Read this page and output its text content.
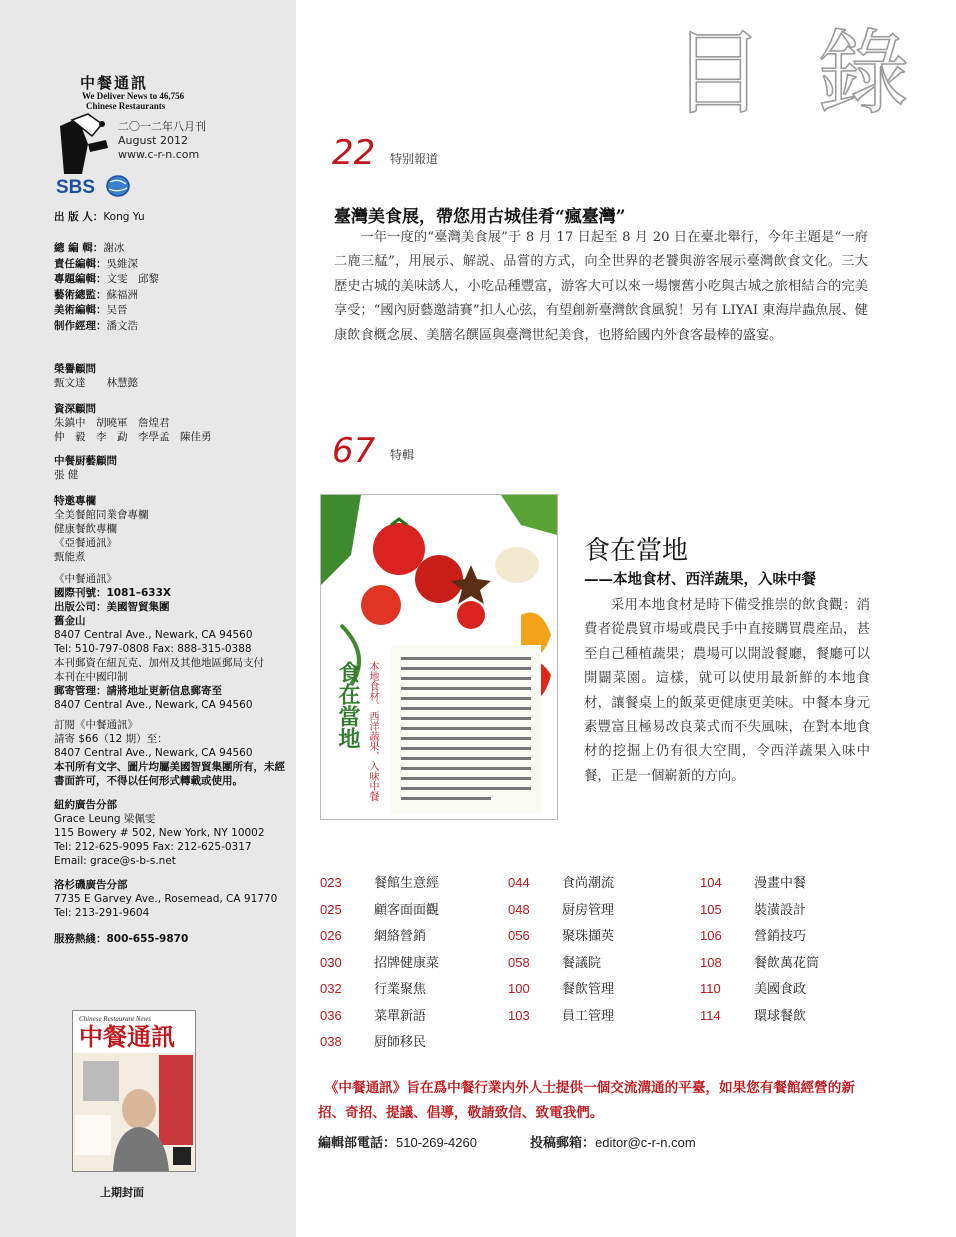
中餐通訊
We Deliver News to 46,756
Chinese Restaurants
二〇一二年八月刊
August 2012
www.c-r-n.com
SBS
出 版 人：Kong Yu

總 編 輯：謝冰
責任編輯：吳維深
專題編輯：文雯　邱黎
藝術總監：蘇福洲
美術編輯：吴晉
制作經理：潘文浩
榮譽顧問
甄文達　　林慧懿
資深顧問
朱鎮中　胡曉軍　詹煌君
仲　毅　李　勐　李學孟　陳佳勇
中餐厨藝顧問
張 健
特邀專欄
全美餐館同業會專欄
健康餐飲專欄
《亞餐通訊》
甄能煮
《中餐通訊》
國際刊號：1081–633X
出版公司：美國智貿集團
舊金山
8407 Central Ave., Newark, CA 94560
Tel: 510-797-0808 Fax: 888-315-0388
本刊郵資在紐瓦克、加州及其他地區郵局支付
本刊在中國印制
郵寄管理：請將地址更新信息郵寄至
8407 Central Ave., Newark, CA 94560
訂閱《中餐通訊》
請寄 $66（12 期）至：
8407 Central Ave., Newark, CA 94560
本刊所有文字、圖片均屬美國智貿集團所有，未經
書面許可，不得以任何形式轉載或使用。
紐約廣告分部
Grace Leung 梁佩雯
115 Bowery # 502, New York, NY 10002
Tel: 212-625-9095 Fax: 212-625-0317
Email: grace@s-b-s.net
洛杉磯廣告分部
7735 E Garvey Ave., Rosemead, CA 91770
Tel: 213-291-9604
服務熱綫：800-655-9870
Chinese Restaurant News
中餐通訊
上期封面
目 錄
22 特别報道
臺灣美食展，帶您用古城佳肴“瘋臺灣”
一年一度的“臺灣美食展”于 8 月 17 日起至 8 月 20 日在臺北舉行，今年主題是“一府二鹿三艋”，用展示、解説、品嘗的方式，向全世界的老饕與游客展示臺灣飲食文化。三大歷史古城的美味誘人，小吃品種豐富，游客大可以來一場懷舊小吃與古城之旅相結合的完美享受；“國內厨藝邀請賽”扣人心弦，有望創新臺灣飲食風貌！另有 LIYAI 東海岸蟲魚展、健康飲食概念展、美膳名饌區與臺灣世紀美食，也將給國内外食客最棒的盛宴。
67 特輯
食在當地 本地食材、西洋蔬果、入味中餐
食在當地
——本地食材、西洋蔬果，入味中餐
采用本地食材是時下備受推崇的飲食觀：消費者從農貿市場或農民手中直接購買農産品，甚至自己種植蔬果；農場可以開設餐廳，餐廳可以開闢菜園。這樣，就可以使用最新鮮的本地食材，讓餐桌上的飯菜更健康更美味。中餐本身元素豐富且極易改良菜式而不失風味，在對本地食材的挖掘上仍有很大空間，令西洋蔬果入味中餐，正是一個嶄新的方向。
023 餐館生意經
025 顧客面面觀
026 網絡營銷
030 招牌健康菜
032 行業聚焦
036 菜單新語
038 厨師移民
044 食尚潮流
048 厨房管理
056 聚珠擷英
058 餐議院
100 餐飲管理
103 員工管理
104 漫畫中餐
105 裝潢設計
106 營銷技巧
108 餐飲萬花筒
110	美國食政
114	環球餐飲
《中餐通訊》旨在爲中餐行業内外人士提供一個交流溝通的平臺，如果您有餐館經營的新招、奇招、提議、倡導，敬請致信、致電我們。
編輯部電話：510-269-4260	投稿郵箱：editor@c-r-n.com
